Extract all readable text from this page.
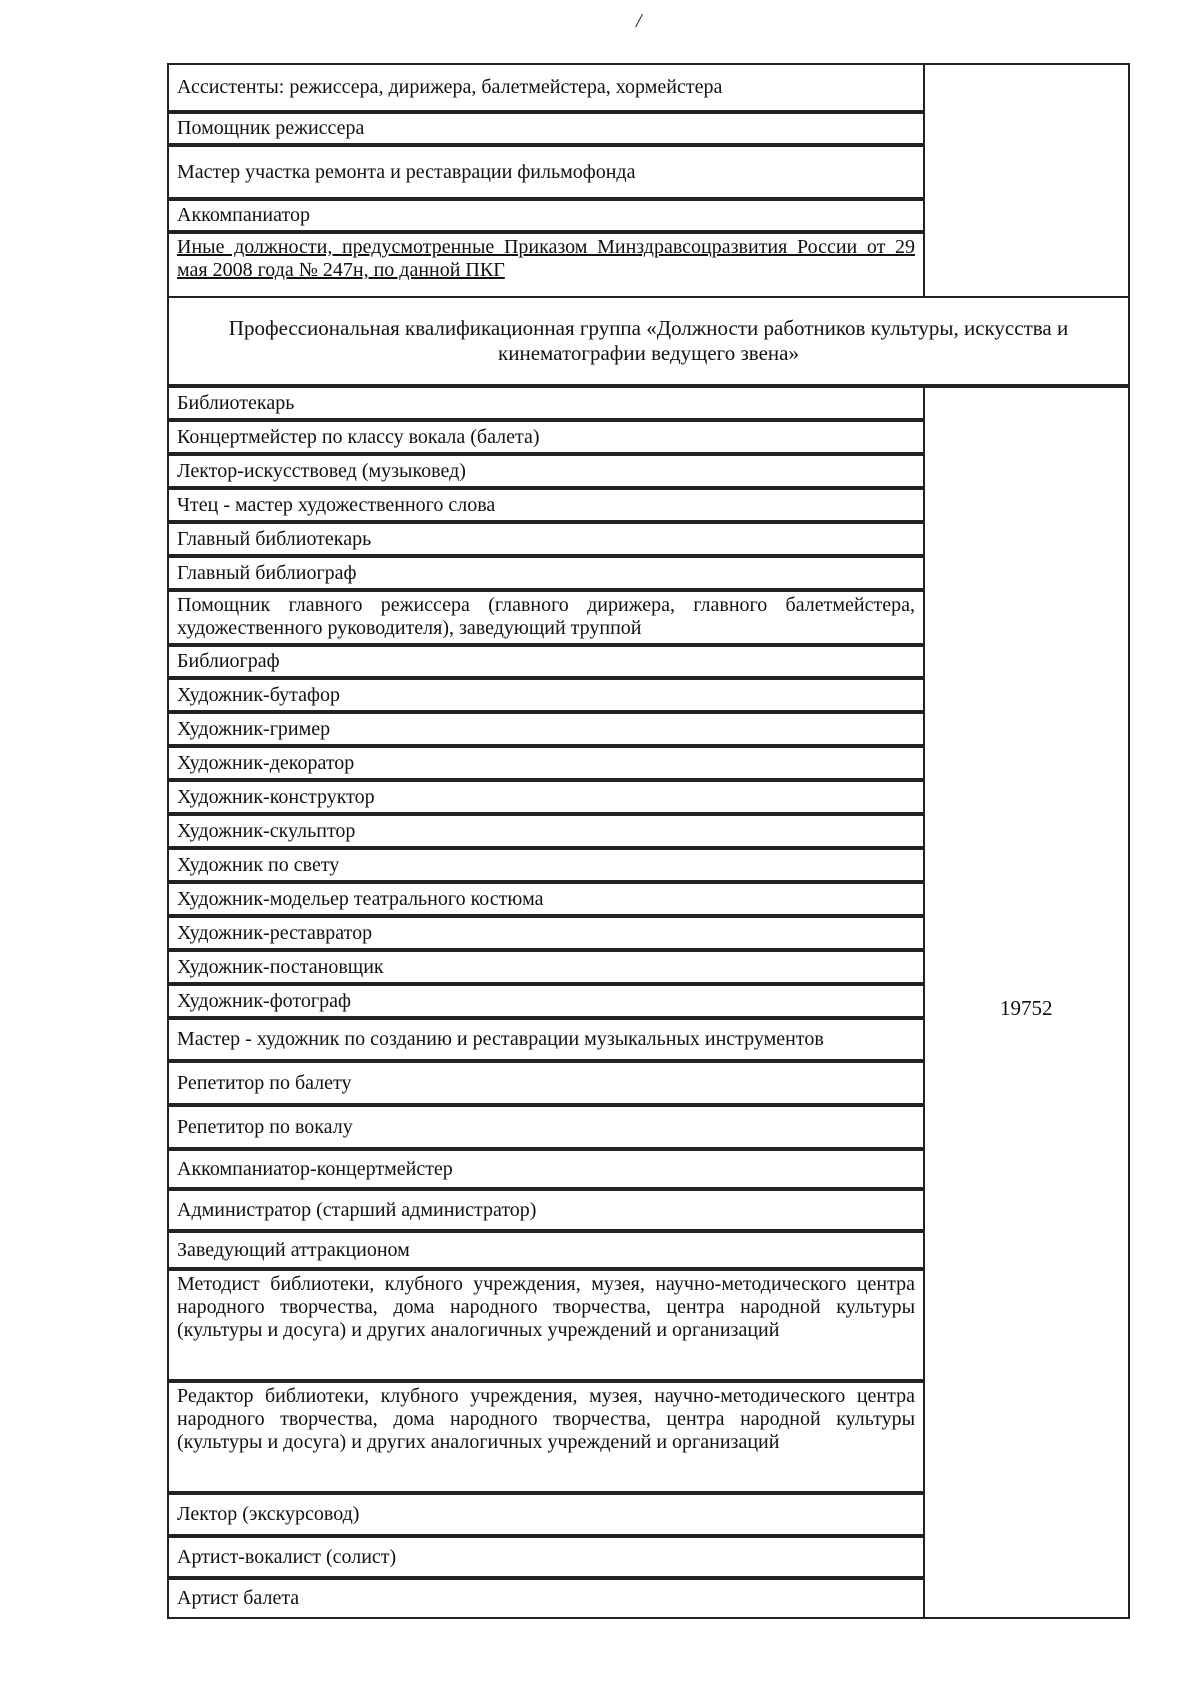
/
Ассистенты: режиссера, дирижера, балетмейстера, хормейстера
Помощник режиссера
Мастер участка ремонта и реставрации фильмофонда
Аккомпаниатор
Иные должности, предусмотренные Приказом Минздравсоцразвития России от 29 мая 2008 года № 247н, по данной ПКГ
Профессиональная квалификационная группа «Должности работников культуры, искусства и кинематографии ведущего звена»
Библиотекарь
Концертмейстер по классу вокала (балета)
Лектор-искусствовед (музыковед)
Чтец - мастер художественного слова
Главный библиотекарь
Главный библиограф
Помощник главного режиссера (главного дирижера, главного балетмейстера, художественного руководителя), заведующий труппой
Библиограф
Художник-бутафор
Художник-гример
Художник-декоратор
Художник-конструктор
Художник-скульптор
Художник по свету
Художник-модельер театрального костюма
Художник-реставратор
Художник-постановщик
Художник-фотограф
Мастер - художник по созданию и реставрации музыкальных инструментов
Репетитор по балету
Репетитор по вокалу
Аккомпаниатор-концертмейстер
Администратор (старший администратор)
Заведующий аттракционом
Методист библиотеки, клубного учреждения, музея, научно-методического центра народного творчества, дома народного творчества, центра народной культуры (культуры и досуга) и других аналогичных учреждений и организаций
Редактор библиотеки, клубного учреждения, музея, научно-методического центра народного творчества, дома народного творчества, центра народной культуры (культуры и досуга) и других аналогичных учреждений и организаций
Лектор (экскурсовод)
Артист-вокалист (солист)
Артист балета
19752
